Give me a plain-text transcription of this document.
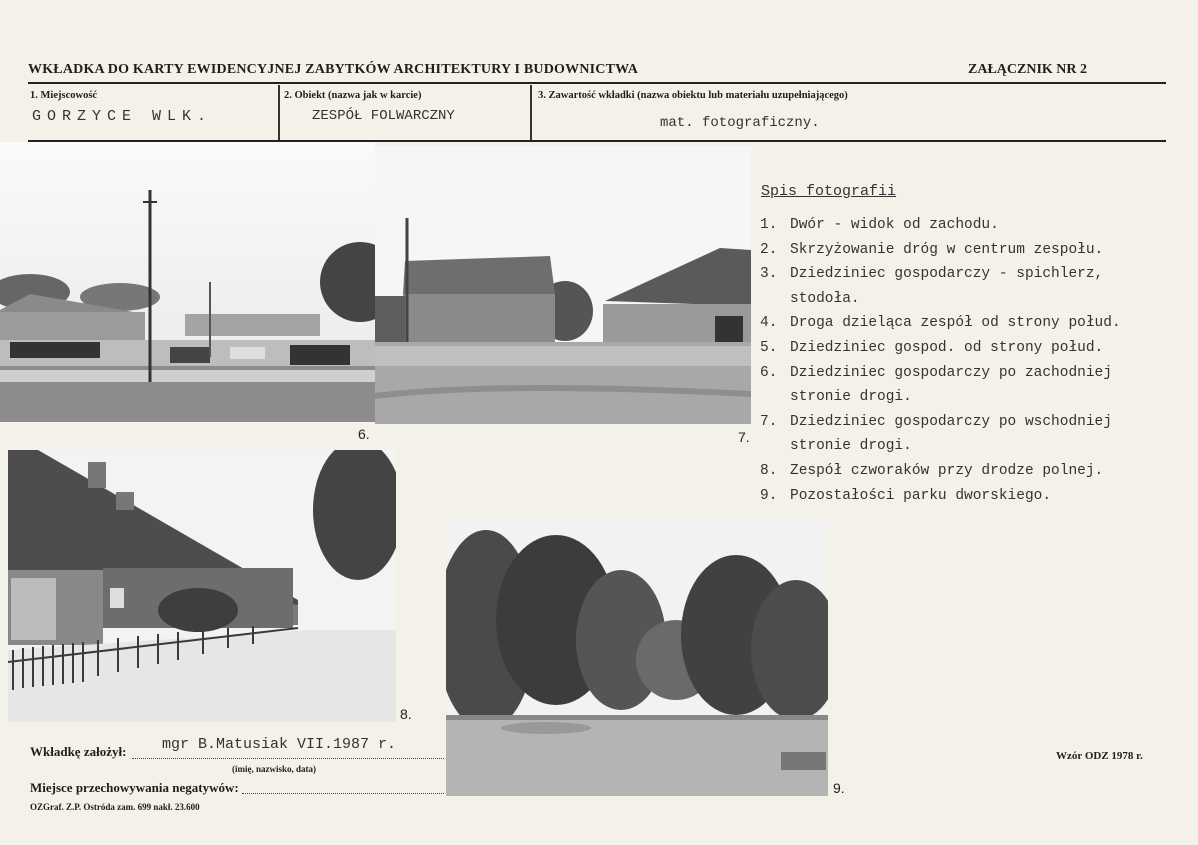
WKŁADKA DO KARTY EWIDENCYJNEJ ZABYTKÓW ARCHITEKTURY I BUDOWNICTWA	ZAŁĄCZNIK NR 2
1. Miejscowość
GORZYCE WLK.
2. Obiekt (nazwa jak w karcie)
ZESPÓŁ FOLWARCZNY
3. Zawartość wkładki (nazwa obiektu lub materiału uzupełniającego)
mat. fotograficzny.
6.	7.
8.
9.
Spis fotografii
1. Dwór - widok od zachodu.
2. Skrzyżowanie dróg w centrum zespołu.
3. Dziedziniec gospodarczy - spichlerz, stodoła.
4. Droga dzieląca zespół od strony połud.
5. Dziedziniec gospod. od strony połud.
6. Dziedziniec gospodarczy po zachodniej stronie drogi.
7. Dziedziniec gospodarczy po wschodniej stronie drogi.
8. Zespół czworaków przy drodze polnej.
9. Pozostałości parku dworskiego.
Wkładkę założył: mgr B.Matusiak VII.1987 r.
(imię, nazwisko, data)
Miejsce przechowywania negatywów:
OZGraf. Z.P. Ostróda zam. 699 nakł. 23.600
Wzór ODZ 1978 r.
